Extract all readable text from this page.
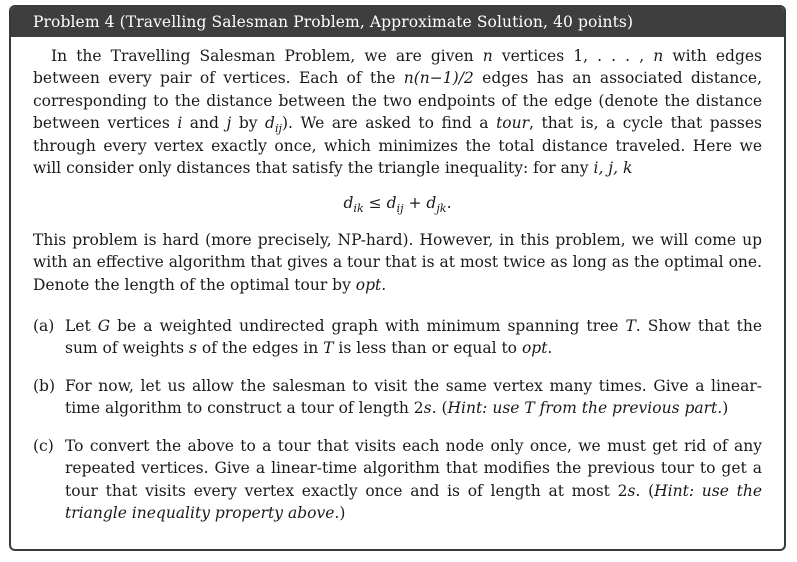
Problem 4 (Travelling Salesman Problem, Approximate Solution, 40 points)

In the Travelling Salesman Problem, we are given n vertices 1, . . . , n with edges between every pair of vertices. Each of the n(n−1)/2 edges has an associated distance, corresponding to the distance between the two endpoints of the edge (denote the distance between vertices i and j by $d_{ij}$). We are asked to find a tour, that is, a cycle that passes through every vertex exactly once, which minimizes the total distance traveled. Here we will consider only distances that satisfy the triangle inequality: for any i, j, k

$d_{ik} \le d_{ij} + d_{jk}$.

This problem is hard (more precisely, NP-hard). However, in this problem, we will come up with an effective algorithm that gives a tour that is at most twice as long as the optimal one. Denote the length of the optimal tour by opt.

(a) Let G be a weighted undirected graph with minimum spanning tree T. Show that the sum of weights s of the edges in T is less than or equal to opt.
(b) For now, let us allow the salesman to visit the same vertex many times. Give a linear-time algorithm to construct a tour of length 2s. (Hint: use T from the previous part.)
(c) To convert the above to a tour that visits each node only once, we must get rid of any repeated vertices. Give a linear-time algorithm that modifies the previous tour to get a tour that visits every vertex exactly once and is of length at most 2s. (Hint: use the triangle inequality property above.)
